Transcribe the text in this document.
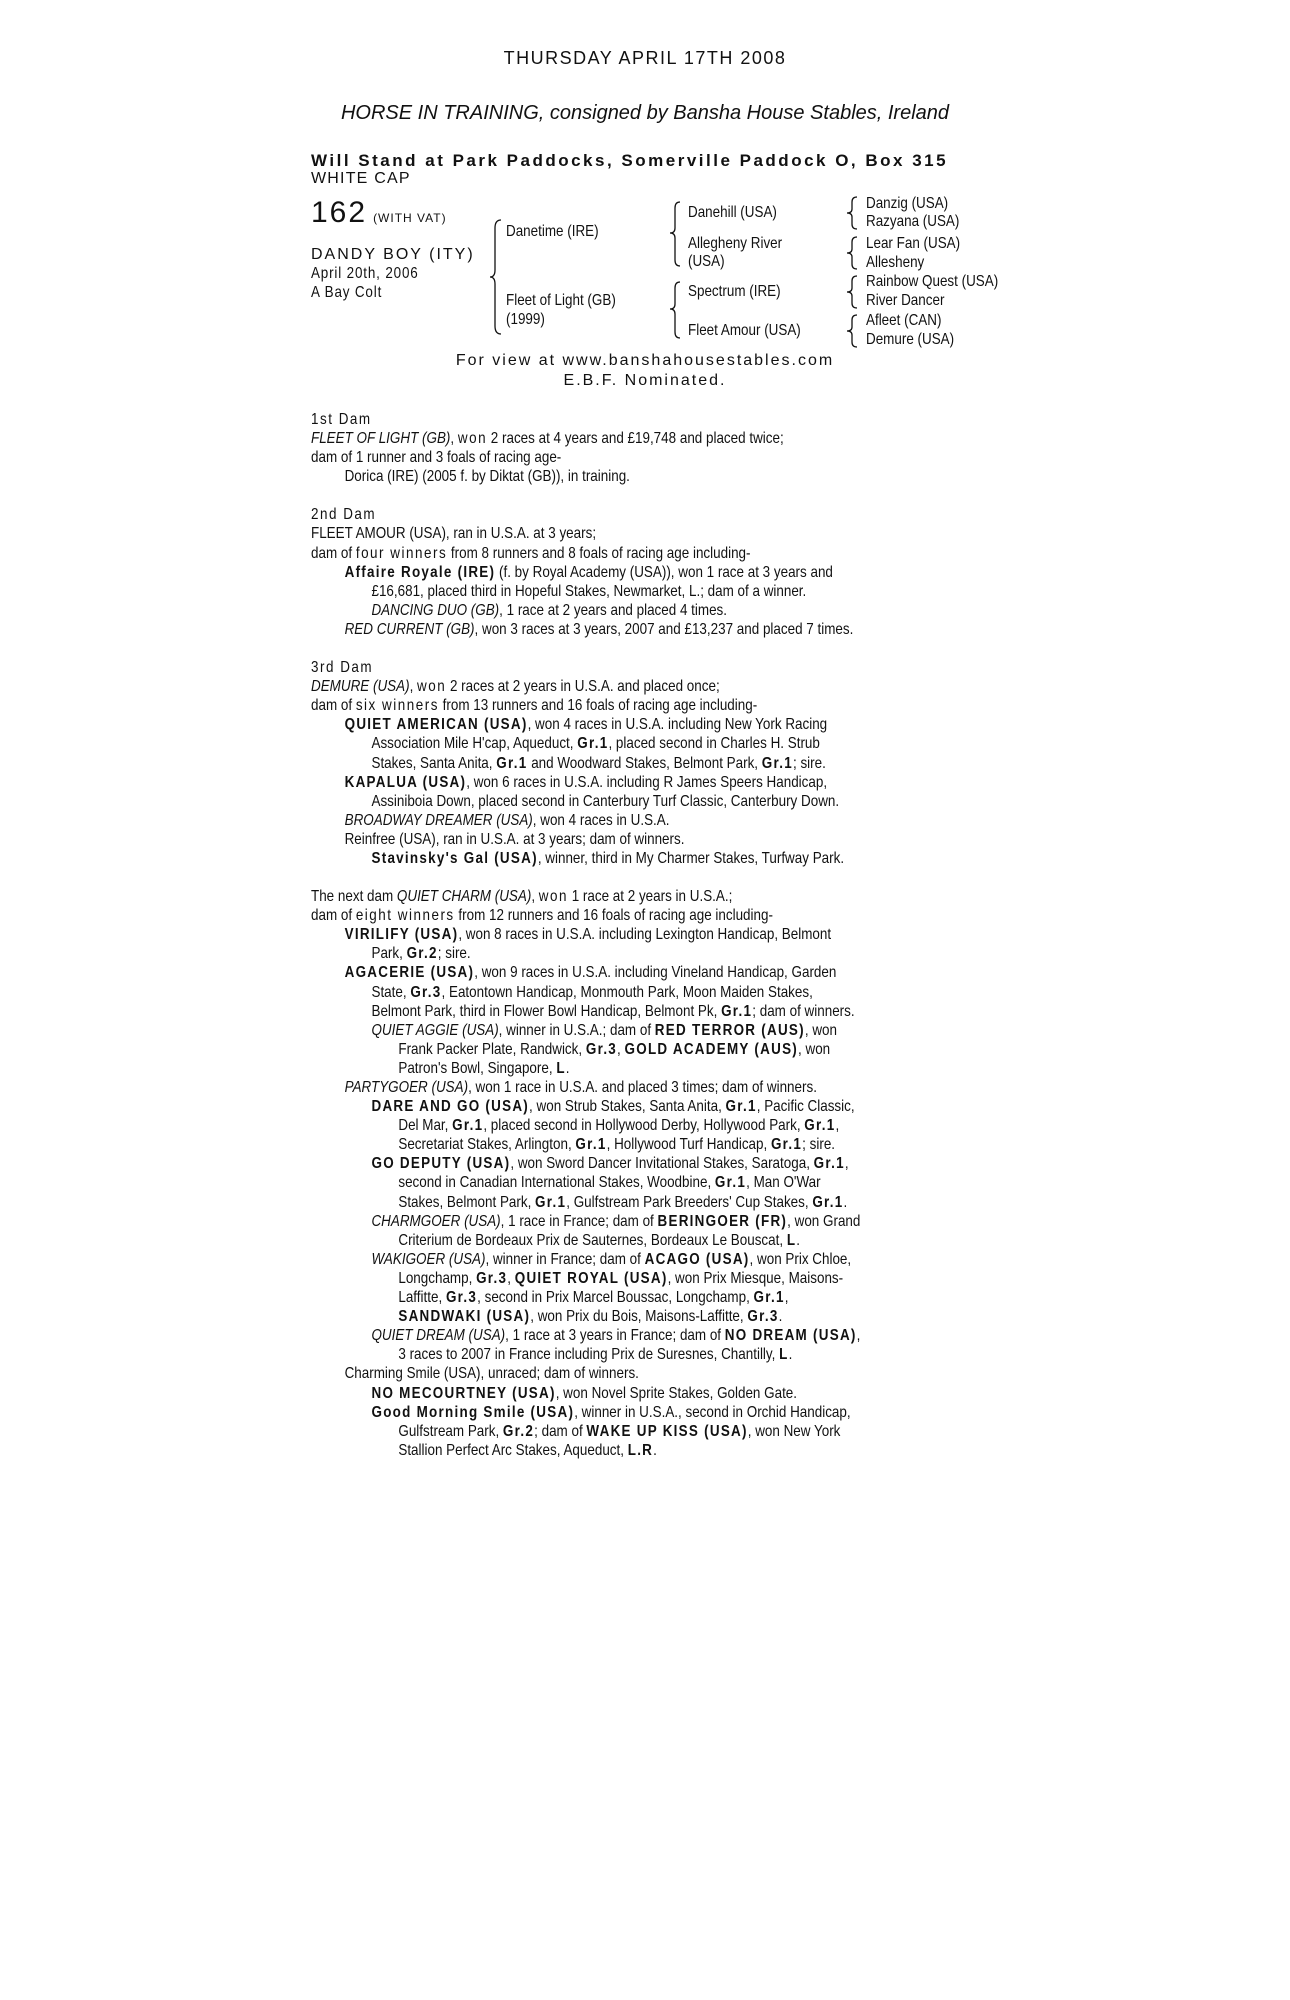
THURSDAY APRIL 17TH 2008
HORSE IN TRAINING, consigned by Bansha House Stables, Ireland
Will Stand at Park Paddocks, Somerville Paddock O, Box 315
WHITE CAP
162 (WITH VAT)
DANDY BOY (ITY)
April 20th, 2006
A Bay Colt
Danetime (IRE)
Fleet of Light (GB)
(1999)
Danehill (USA)
Allegheny River
(USA)
Spectrum (IRE)
Fleet Amour (USA)
Danzig (USA)
Razyana (USA)
Lear Fan (USA)
Allesheny
Rainbow Quest (USA)
River Dancer
Afleet (CAN)
Demure (USA)
For view at www.banshahousestables.com
E.B.F. Nominated.
1st Dam
FLEET OF LIGHT (GB), won 2 races at 4 years and £19,748 and placed twice;
dam of 1 runner and 3 foals of racing age-
Dorica (IRE) (2005 f. by Diktat (GB)), in training.
2nd Dam
FLEET AMOUR (USA), ran in U.S.A. at 3 years;
dam of four winners from 8 runners and 8 foals of racing age including-
Affaire Royale (IRE) (f. by Royal Academy (USA)), won 1 race at 3 years and
£16,681, placed third in Hopeful Stakes, Newmarket, L.; dam of a winner.
DANCING DUO (GB), 1 race at 2 years and placed 4 times.
RED CURRENT (GB), won 3 races at 3 years, 2007 and £13,237 and placed 7 times.
3rd Dam
DEMURE (USA), won 2 races at 2 years in U.S.A. and placed once;
dam of six winners from 13 runners and 16 foals of racing age including-
QUIET AMERICAN (USA), won 4 races in U.S.A. including New York Racing
Association Mile H'cap, Aqueduct, Gr.1, placed second in Charles H. Strub
Stakes, Santa Anita, Gr.1 and Woodward Stakes, Belmont Park, Gr.1; sire.
KAPALUA (USA), won 6 races in U.S.A. including R James Speers Handicap,
Assiniboia Down, placed second in Canterbury Turf Classic, Canterbury Down.
BROADWAY DREAMER (USA), won 4 races in U.S.A.
Reinfree (USA), ran in U.S.A. at 3 years; dam of winners.
Stavinsky's Gal (USA), winner, third in My Charmer Stakes, Turfway Park.
The next dam QUIET CHARM (USA), won 1 race at 2 years in U.S.A.;
dam of eight winners from 12 runners and 16 foals of racing age including-
VIRILIFY (USA), won 8 races in U.S.A. including Lexington Handicap, Belmont
Park, Gr.2; sire.
AGACERIE (USA), won 9 races in U.S.A. including Vineland Handicap, Garden
State, Gr.3, Eatontown Handicap, Monmouth Park, Moon Maiden Stakes,
Belmont Park, third in Flower Bowl Handicap, Belmont Pk, Gr.1; dam of winners.
QUIET AGGIE (USA), winner in U.S.A.; dam of RED TERROR (AUS), won
Frank Packer Plate, Randwick, Gr.3, GOLD ACADEMY (AUS), won
Patron's Bowl, Singapore, L.
PARTYGOER (USA), won 1 race in U.S.A. and placed 3 times; dam of winners.
DARE AND GO (USA), won Strub Stakes, Santa Anita, Gr.1, Pacific Classic,
Del Mar, Gr.1, placed second in Hollywood Derby, Hollywood Park, Gr.1,
Secretariat Stakes, Arlington, Gr.1, Hollywood Turf Handicap, Gr.1; sire.
GO DEPUTY (USA), won Sword Dancer Invitational Stakes, Saratoga, Gr.1,
second in Canadian International Stakes, Woodbine, Gr.1, Man O'War
Stakes, Belmont Park, Gr.1, Gulfstream Park Breeders' Cup Stakes, Gr.1.
CHARMGOER (USA), 1 race in France; dam of BERINGOER (FR), won Grand
Criterium de Bordeaux Prix de Sauternes, Bordeaux Le Bouscat, L.
WAKIGOER (USA), winner in France; dam of ACAGO (USA), won Prix Chloe,
Longchamp, Gr.3, QUIET ROYAL (USA), won Prix Miesque, Maisons-
Laffitte, Gr.3, second in Prix Marcel Boussac, Longchamp, Gr.1,
SANDWAKI (USA), won Prix du Bois, Maisons-Laffitte, Gr.3.
QUIET DREAM (USA), 1 race at 3 years in France; dam of NO DREAM (USA),
3 races to 2007 in France including Prix de Suresnes, Chantilly, L.
Charming Smile (USA), unraced; dam of winners.
NO MECOURTNEY (USA), won Novel Sprite Stakes, Golden Gate.
Good Morning Smile (USA), winner in U.S.A., second in Orchid Handicap,
Gulfstream Park, Gr.2; dam of WAKE UP KISS (USA), won New York
Stallion Perfect Arc Stakes, Aqueduct, L.R.
